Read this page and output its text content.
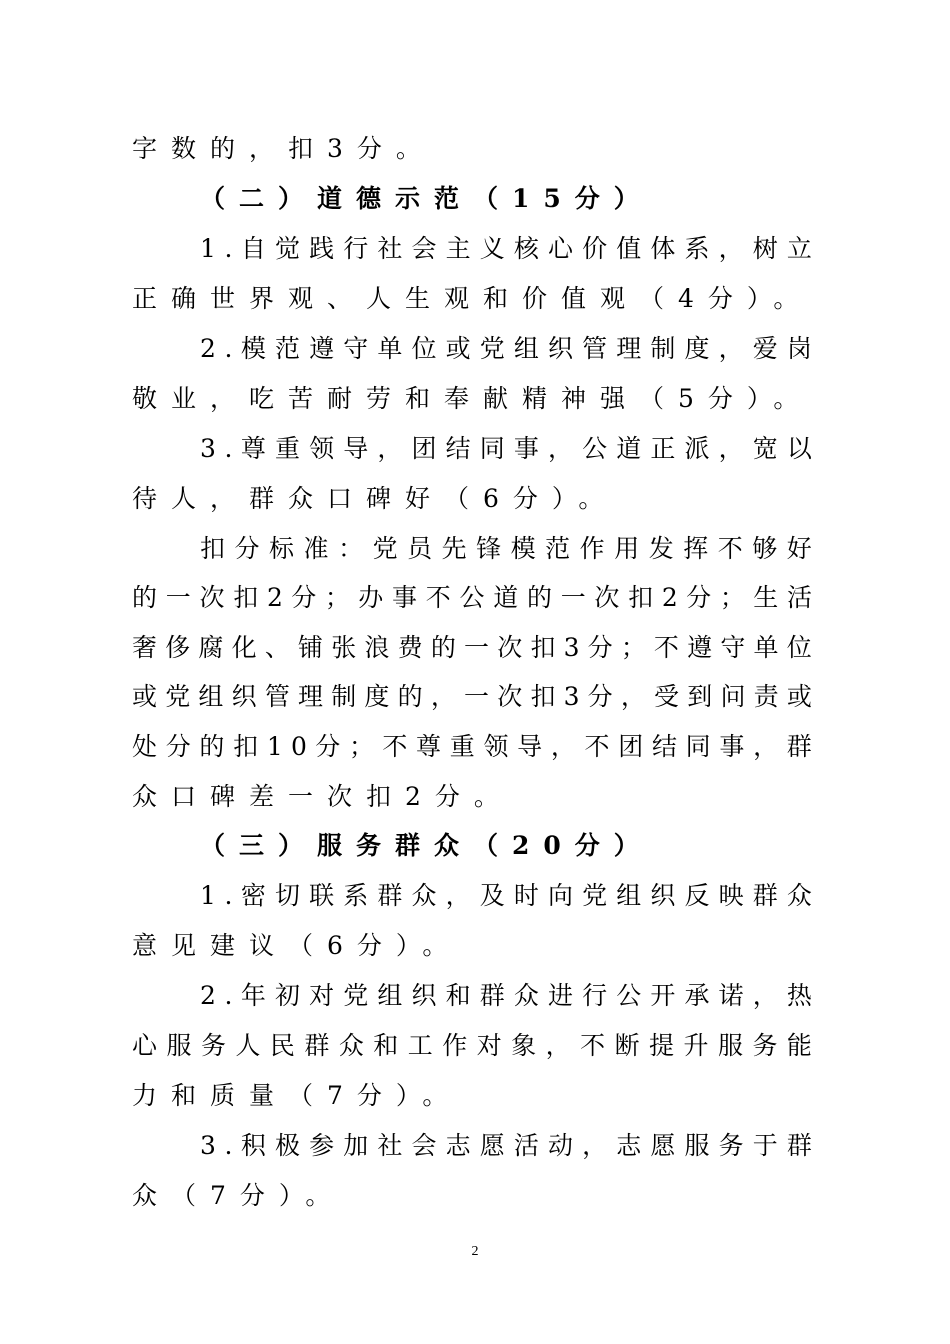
字数的，扣3分。
（二）道德示范（15分）
1 . 自 觉 践 行 社 会 主 义 核 心 价 值 体 系 ， 树 立
正确世界观、人生观和价值观（4分）。
2 . 模 范 遵 守 单 位 或 党 组 织 管 理 制 度 ， 爱 岗
敬业，吃苦耐劳和奉献精神强（5分）。
3 . 尊 重 领 导 ， 团 结 同 事 ， 公 道 正 派 ， 宽 以
待人，群众口碑好（6分）。
扣 分 标 准 ： 党 员 先 锋 模 范 作 用 发 挥 不 够 好
的 一 次 扣 2 分 ； 办 事 不 公 道 的 一 次 扣 2 分 ； 生 活
奢 侈 腐 化 、 铺 张 浪 费 的 一 次 扣 3 分 ； 不 遵 守 单 位
或 党 组 织 管 理 制 度 的 ， 一 次 扣 3 分 ， 受 到 问 责 或
处 分 的 扣 1 0 分 ； 不 尊 重 领 导 ， 不 团 结 同 事 ， 群
众口碑差一次扣2分。
（三）服务群众（20分）
1 . 密 切 联 系 群 众 ， 及 时 向 党 组 织 反 映 群 众
意见建议（6分）。
2 . 年 初 对 党 组 织 和 群 众 进 行 公 开 承 诺 ， 热
心 服 务 人 民 群 众 和 工 作 对 象 ， 不 断 提 升 服 务 能
力和质量（7分）。
3 . 积 极 参 加 社 会 志 愿 活 动 ， 志 愿 服 务 于 群
众（7分）。
2
